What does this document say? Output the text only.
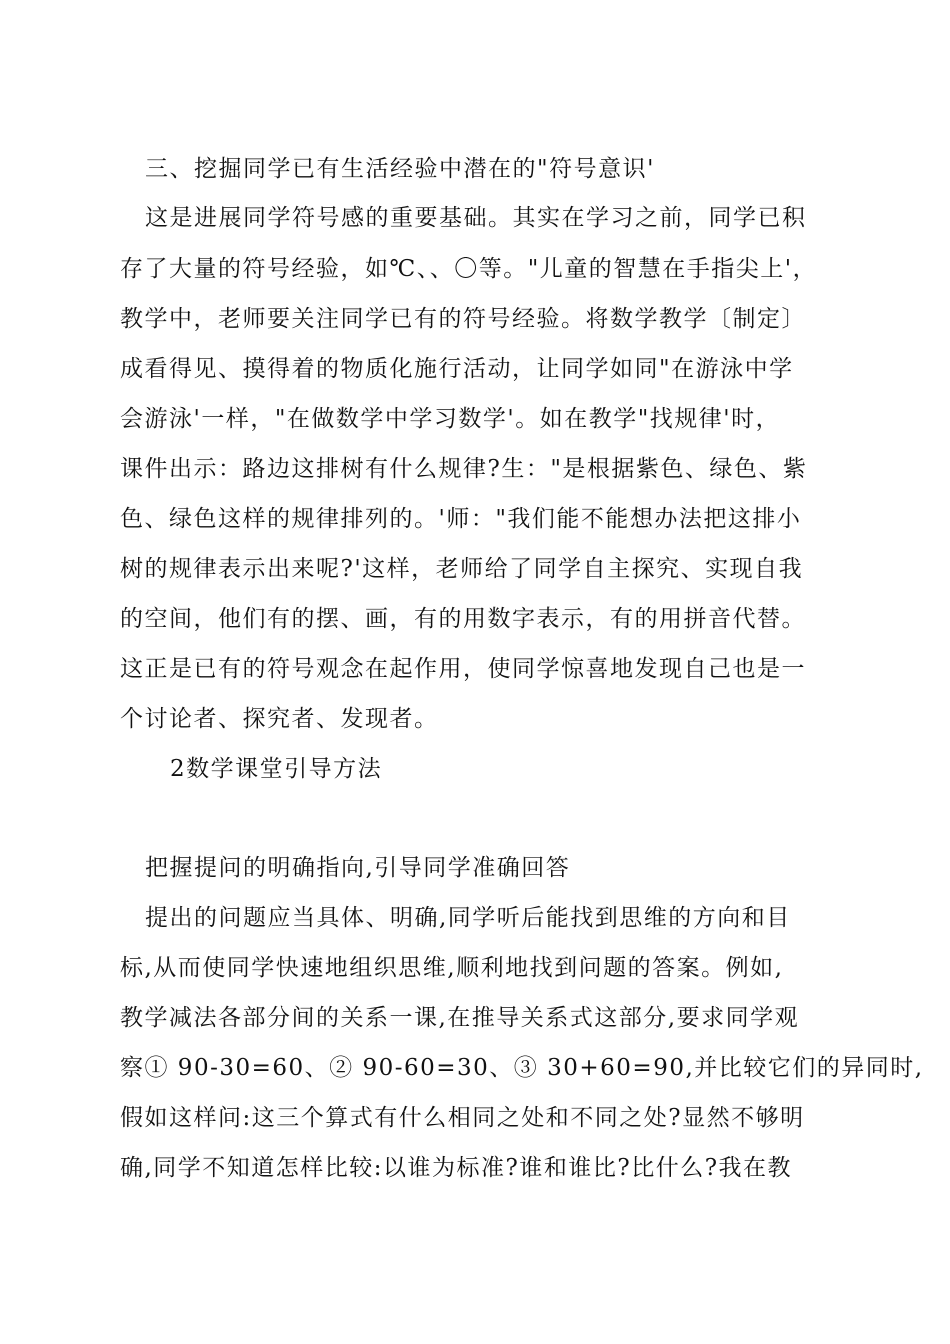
三、挖掘同学已有生活经验中潜在的"符号意识'
这是进展同学符号感的重要基础。其实在学习之前，同学已积
存了大量的符号经验，如℃、、〇等。"儿童的智慧在手指尖上'，
教学中，老师要关注同学已有的符号经验。将数学教学〔制定〕
成看得见、摸得着的物质化施行活动，让同学如同"在游泳中学
会游泳'一样，"在做数学中学习数学'。如在教学"找规律'时，
课件出示：路边这排树有什么规律?生："是根据紫色、绿色、紫
色、绿色这样的规律排列的。'师："我们能不能想办法把这排小
树的规律表示出来呢?'这样，老师给了同学自主探究、实现自我
的空间，他们有的摆、画，有的用数字表示，有的用拼音代替。
这正是已有的符号观念在起作用，使同学惊喜地发现自己也是一
个讨论者、探究者、发现者。
2数学课堂引导方法
把握提问的明确指向,引导同学准确回答
提出的问题应当具体、明确,同学听后能找到思维的方向和目
标,从而使同学快速地组织思维,顺利地找到问题的答案。例如,
教学减法各部分间的关系一课,在推导关系式这部分,要求同学观
察① 90-30=60、② 90-60=30、③ 30+60=90,并比较它们的异同时,
假如这样问:这三个算式有什么相同之处和不同之处?显然不够明
确,同学不知道怎样比较:以谁为标准?谁和谁比?比什么?我在教
